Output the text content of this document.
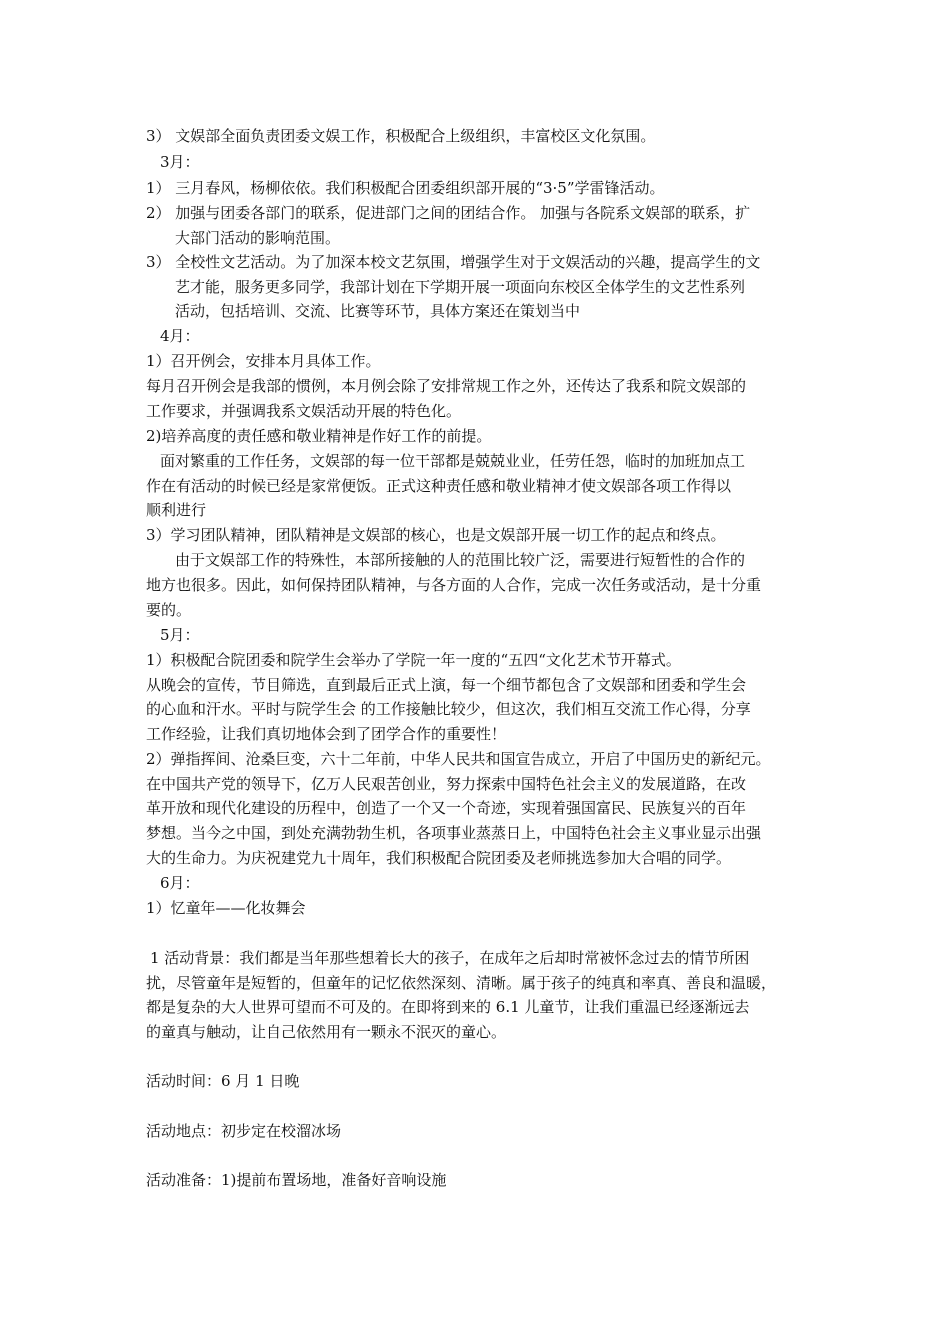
3） 文娱部全面负责团委文娱工作，积极配合上级组织，丰富校区文化氛围。
3月：
1） 三月春风，杨柳依依。我们积极配合团委组织部开展的“3·5”学雷锋活动。
2） 加强与团委各部门的联系，促进部门之间的团结合作。 加强与各院系文娱部的联系，扩
大部门活动的影响范围。
3） 全校性文艺活动。为了加深本校文艺氛围，增强学生对于文娱活动的兴趣，提高学生的文
艺才能，服务更多同学，我部计划在下学期开展一项面向东校区全体学生的文艺性系列
活动，包括培训、交流、比赛等环节，具体方案还在策划当中
4月：
1）召开例会，安排本月具体工作。
每月召开例会是我部的惯例，本月例会除了安排常规工作之外，还传达了我系和院文娱部的
工作要求，并强调我系文娱活动开展的特色化。
2)培养高度的责任感和敬业精神是作好工作的前提。
面对繁重的工作任务，文娱部的每一位干部都是兢兢业业，任劳任怨，临时的加班加点工
作在有活动的时候已经是家常便饭。正式这种责任感和敬业精神才使文娱部各项工作得以
顺利进行
3）学习团队精神，团队精神是文娱部的核心，也是文娱部开展一切工作的起点和终点。
由于文娱部工作的特殊性，本部所接触的人的范围比较广泛，需要进行短暂性的合作的
地方也很多。因此，如何保持团队精神，与各方面的人合作，完成一次任务或活动，是十分重
要的。
5月：
1）积极配合院团委和院学生会举办了学院一年一度的“五四“文化艺术节开幕式。
从晚会的宣传，节目筛选，直到最后正式上演，每一个细节都包含了文娱部和团委和学生会
的心血和汗水。平时与院学生会 的工作接触比较少，但这次，我们相互交流工作心得，分享
工作经验，让我们真切地体会到了团学合作的重要性！
2）弹指挥间、沧桑巨变，六十二年前，中华人民共和国宣告成立，开启了中国历史的新纪元。
在中国共产党的领导下，亿万人民艰苦创业，努力探索中国特色社会主义的发展道路，在改
革开放和现代化建设的历程中，创造了一个又一个奇迹，实现着强国富民、民族复兴的百年
梦想。当今之中国，到处充满勃勃生机，各项事业蒸蒸日上，中国特色社会主义事业显示出强
大的生命力。为庆祝建党九十周年，我们积极配合院团委及老师挑选参加大合唱的同学。
6月：
1）忆童年——化妆舞会
1 活动背景：我们都是当年那些想着长大的孩子，在成年之后却时常被怀念过去的情节所困
扰，尽管童年是短暂的，但童年的记忆依然深刻、清晰。属于孩子的纯真和率真、善良和温暖，
都是复杂的大人世界可望而不可及的。在即将到来的 6.1 儿童节，让我们重温已经逐渐远去
的童真与触动，让自己依然用有一颗永不泯灭的童心。
活动时间：6 月 1 日晚
活动地点：初步定在校溜冰场
活动准备：1)提前布置场地，准备好音响设施
